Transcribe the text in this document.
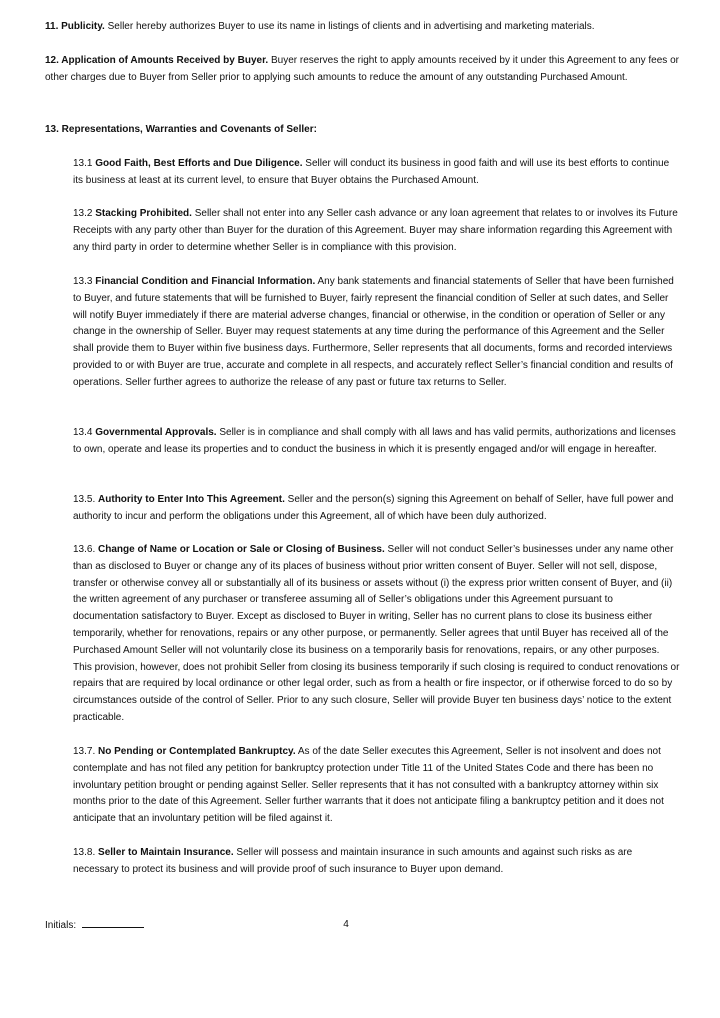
11. Publicity. Seller hereby authorizes Buyer to use its name in listings of clients and in advertising and marketing materials.

12. Application of Amounts Received by Buyer. Buyer reserves the right to apply amounts received by it under this Agreement to any fees or other charges due to Buyer from Seller prior to applying such amounts to reduce the amount of any outstanding Purchased Amount.

13. Representations, Warranties and Covenants of Seller:

13.1 Good Faith, Best Efforts and Due Diligence. Seller will conduct its business in good faith and will use its best efforts to continue its business at least at its current level, to ensure that Buyer obtains the Purchased Amount.

13.2 Stacking Prohibited. Seller shall not enter into any Seller cash advance or any loan agreement that relates to or involves its Future Receipts with any party other than Buyer for the duration of this Agreement. Buyer may share information regarding this Agreement with any third party in order to determine whether Seller is in compliance with this provision.

13.3 Financial Condition and Financial Information. Any bank statements and financial statements of Seller that have been furnished to Buyer, and future statements that will be furnished to Buyer, fairly represent the financial condition of Seller at such dates, and Seller will notify Buyer immediately if there are material adverse changes, financial or otherwise, in the condition or operation of Seller or any change in the ownership of Seller. Buyer may request statements at any time during the performance of this Agreement and the Seller shall provide them to Buyer within five business days. Furthermore, Seller represents that all documents, forms and recorded interviews provided to or with Buyer are true, accurate and complete in all respects, and accurately reflect Seller’s financial condition and results of operations. Seller further agrees to authorize the release of any past or future tax returns to Seller.

13.4 Governmental Approvals. Seller is in compliance and shall comply with all laws and has valid permits, authorizations and licenses to own, operate and lease its properties and to conduct the business in which it is presently engaged and/or will engage in hereafter.

13.5. Authority to Enter Into This Agreement. Seller and the person(s) signing this Agreement on behalf of Seller, have full power and authority to incur and perform the obligations under this Agreement, all of which have been duly authorized.

13.6. Change of Name or Location or Sale or Closing of Business. Seller will not conduct Seller’s businesses under any name other than as disclosed to Buyer or change any of its places of business without prior written consent of Buyer. Seller will not sell, dispose, transfer or otherwise convey all or substantially all of its business or assets without (i) the express prior written consent of Buyer, and (ii) the written agreement of any purchaser or transferee assuming all of Seller’s obligations under this Agreement pursuant to documentation satisfactory to Buyer. Except as disclosed to Buyer in writing, Seller has no current plans to close its business either temporarily, whether for renovations, repairs or any other purpose, or permanently. Seller agrees that until Buyer has received all of the Purchased Amount Seller will not voluntarily close its business on a temporarily basis for renovations, repairs, or any other purposes. This provision, however, does not prohibit Seller from closing its business temporarily if such closing is required to conduct renovations or repairs that are required by local ordinance or other legal order, such as from a health or fire inspector, or if otherwise forced to do so by circumstances outside of the control of Seller. Prior to any such closure, Seller will provide Buyer ten business days’ notice to the extent practicable.

13.7. No Pending or Contemplated Bankruptcy. As of the date Seller executes this Agreement, Seller is not insolvent and does not contemplate and has not filed any petition for bankruptcy protection under Title 11 of the United States Code and there has been no involuntary petition brought or pending against Seller. Seller represents that it has not consulted with a bankruptcy attorney within six months prior to the date of this Agreement. Seller further warrants that it does not anticipate filing a bankruptcy petition and it does not anticipate that an involuntary petition will be filed against it.

13.8. Seller to Maintain Insurance. Seller will possess and maintain insurance in such amounts and against such risks as are necessary to protect its business and will provide proof of such insurance to Buyer upon demand.

Initials:	4
